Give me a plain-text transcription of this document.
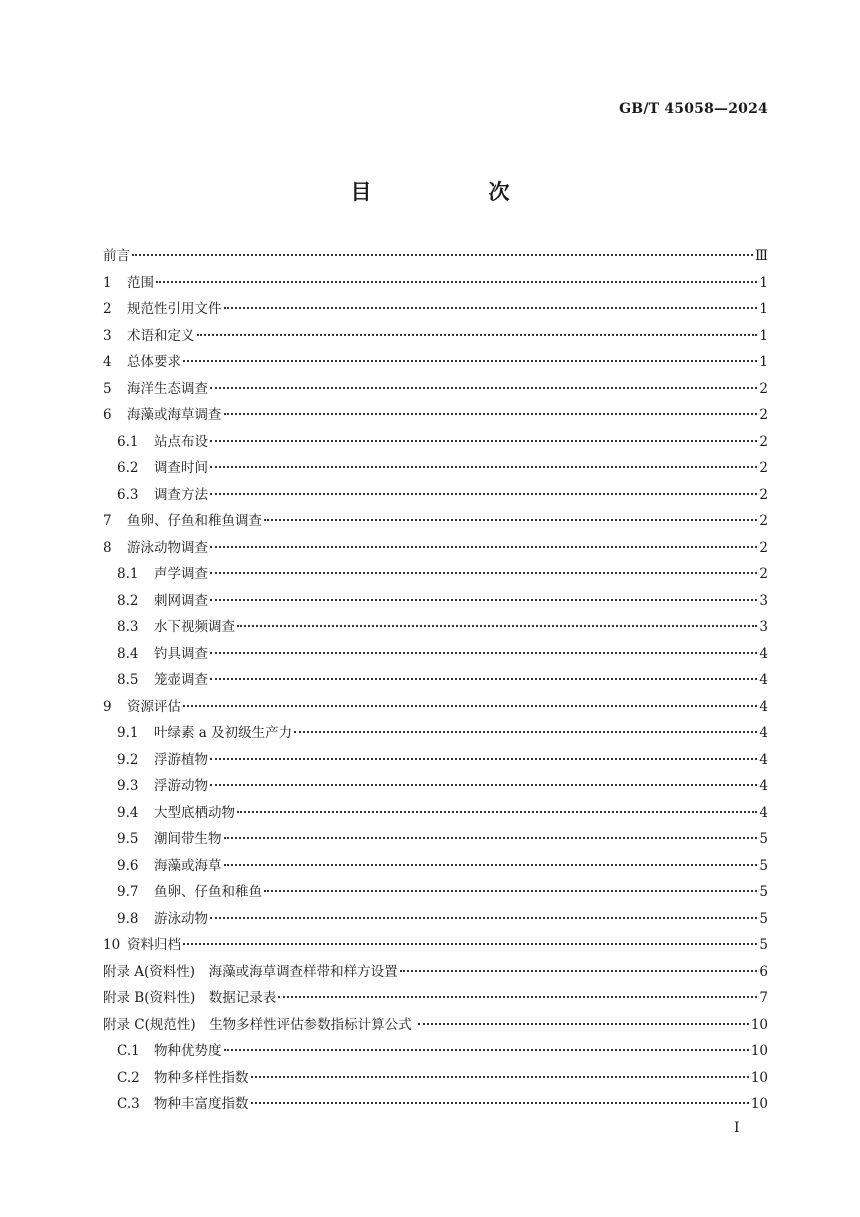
GB/T 45058—2024
目　次
前言	Ⅲ
1 范围	1
2 规范性引用文件	1
3 术语和定义	1
4 总体要求	1
5 海洋生态调查	2
6 海藻或海草调查	2
6.1 站点布设	2
6.2 调查时间	2
6.3 调查方法	2
7 鱼卵、仔鱼和稚鱼调查	2
8 游泳动物调查	2
8.1 声学调查	2
8.2 刺网调查	3
8.3 水下视频调查	3
8.4 钓具调查	4
8.5 笼壶调查	4
9 资源评估	4
9.1 叶绿素 a 及初级生产力	4
9.2 浮游植物	4
9.3 浮游动物	4
9.4 大型底栖动物	4
9.5 潮间带生物	5
9.6 海藻或海草	5
9.7 鱼卵、仔鱼和稚鱼	5
9.8 游泳动物	5
10 资料归档	5
附录 A(资料性)　海藻或海草调查样带和样方设置	6
附录 B(资料性)　数据记录表	7
附录 C(规范性)　生物多样性评估参数指标计算公式	10
C.1 物种优势度	10
C.2 物种多样性指数	10
C.3 物种丰富度指数	10
Ⅰ
